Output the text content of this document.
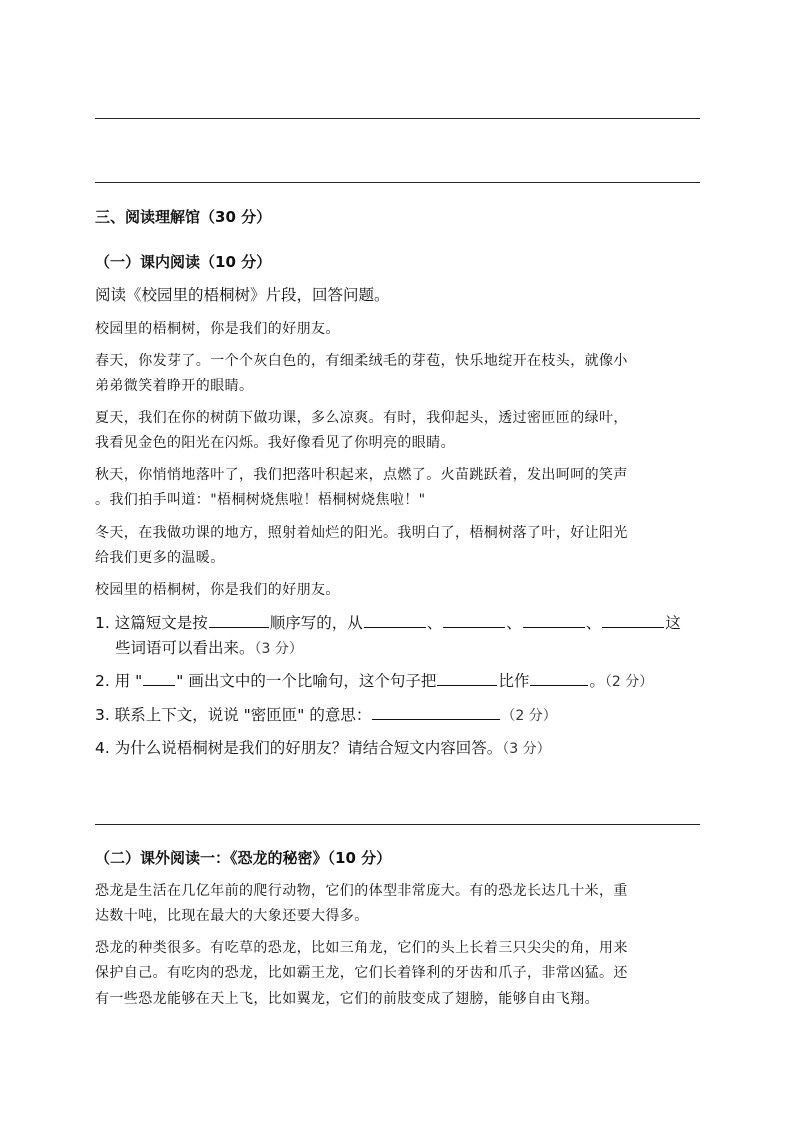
三、阅读理解馆（30 分）
（一）课内阅读（10 分）
阅读《校园里的梧桐树》片段，回答问题。
校园里的梧桐树，你是我们的好朋友。
春天，你发芽了。一个个灰白色的，有细柔绒毛的芽苞，快乐地绽开在枝头，就像小
弟弟微笑着睁开的眼睛。
夏天，我们在你的树荫下做功课，多么凉爽。有时，我仰起头，透过密匝匝的绿叶，
我看见金色的阳光在闪烁。我好像看见了你明亮的眼睛。
秋天，你悄悄地落叶了，我们把落叶积起来，点燃了。火苗跳跃着，发出呵呵的笑声
。我们拍手叫道："梧桐树烧焦啦！梧桐树烧焦啦！"
冬天，在我做功课的地方，照射着灿烂的阳光。我明白了，梧桐树落了叶，好让阳光
给我们更多的温暖。
校园里的梧桐树，你是我们的好朋友。
1. 这篇短文是按	顺序写的，从	、	、	、	这
些词语可以看出来。（3 分）
2. 用 " " 画出文中的一个比喻句，这个句子把	比作	。（2 分）
3. 联系上下文，说说 "密匝匝" 的意思：	（2 分）
4. 为什么说梧桐树是我们的好朋友？请结合短文内容回答。（3 分）
（二）课外阅读一：《恐龙的秘密》（10 分）
恐龙是生活在几亿年前的爬行动物，它们的体型非常庞大。有的恐龙长达几十米，重
达数十吨，比现在最大的大象还要大得多。
恐龙的种类很多。有吃草的恐龙，比如三角龙，它们的头上长着三只尖尖的角，用来
保护自己。有吃肉的恐龙，比如霸王龙，它们长着锋利的牙齿和爪子，非常凶猛。还
有一些恐龙能够在天上飞，比如翼龙，它们的前肢变成了翅膀，能够自由飞翔。
